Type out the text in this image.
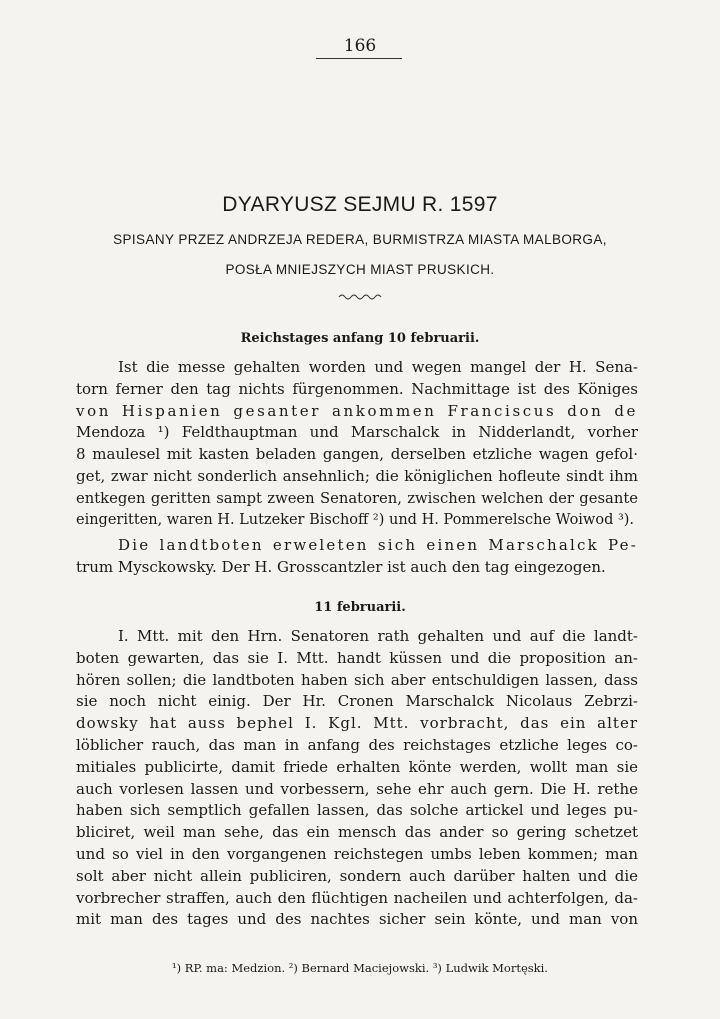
166
DYARYUSZ SEJMU R. 1597
SPISANY PRZEZ ANDRZEJA REDERA, BURMISTRZA MIASTA MALBORGA,
POSŁA MNIEJSZYCH MIAST PRUSKICH.
Reichstages anfang 10 februarii.
Ist die messe gehalten worden und wegen mangel der H. Sena-
torn ferner den tag nichts fürgenommen. Nachmittage ist des Königes
von Hispanien gesanter ankommen Franciscus don de
Mendoza ¹) Feldthauptman und Marschalck in Nidderlandt, vorher
8 maulesel mit kasten beladen gangen, derselben etzliche wagen gefol·
get, zwar nicht sonderlich ansehnlich; die königlichen hofleute sindt ihm
entkegen geritten sampt zween Senatoren, zwischen welchen der gesante
eingeritten, waren H. Lutzeker Bischoff ²) und H. Pommerelsche Woiwod ³).
Die landtboten erweleten sich einen Marschalck Pe-
trum Mysckowsky. Der H. Grosscantzler ist auch den tag eingezogen.
11 februarii.
I. Mtt. mit den Hrn. Senatoren rath gehalten und auf die landt-
boten gewarten, das sie I. Mtt. handt küssen und die proposition an-
hören sollen; die landtboten haben sich aber entschuldigen lassen, dass
sie noch nicht einig. Der Hr. Cronen Marschalck Nicolaus Zebrzi-
dowsky hat auss bephel I. Kgl. Mtt. vorbracht, das ein alter
löblicher rauch, das man in anfang des reichstages etzliche leges co-
mitiales publicirte, damit friede erhalten könte werden, wollt man sie
auch vorlesen lassen und vorbessern, sehe ehr auch gern. Die H. rethe
haben sich semptlich gefallen lassen, das solche artickel und leges pu-
bliciret, weil man sehe, das ein mensch das ander so gering schetzet
und so viel in den vorgangenen reichstegen umbs leben kommen; man
solt aber nicht allein publiciren, sondern auch darüber halten und die
vorbrecher straffen, auch den flüchtigen nacheilen und achterfolgen, da-
mit man des tages und des nachtes sicher sein könte, und man von
¹) RP. ma: Medzion. ²) Bernard Maciejowski. ³) Ludwik Mortęski.
